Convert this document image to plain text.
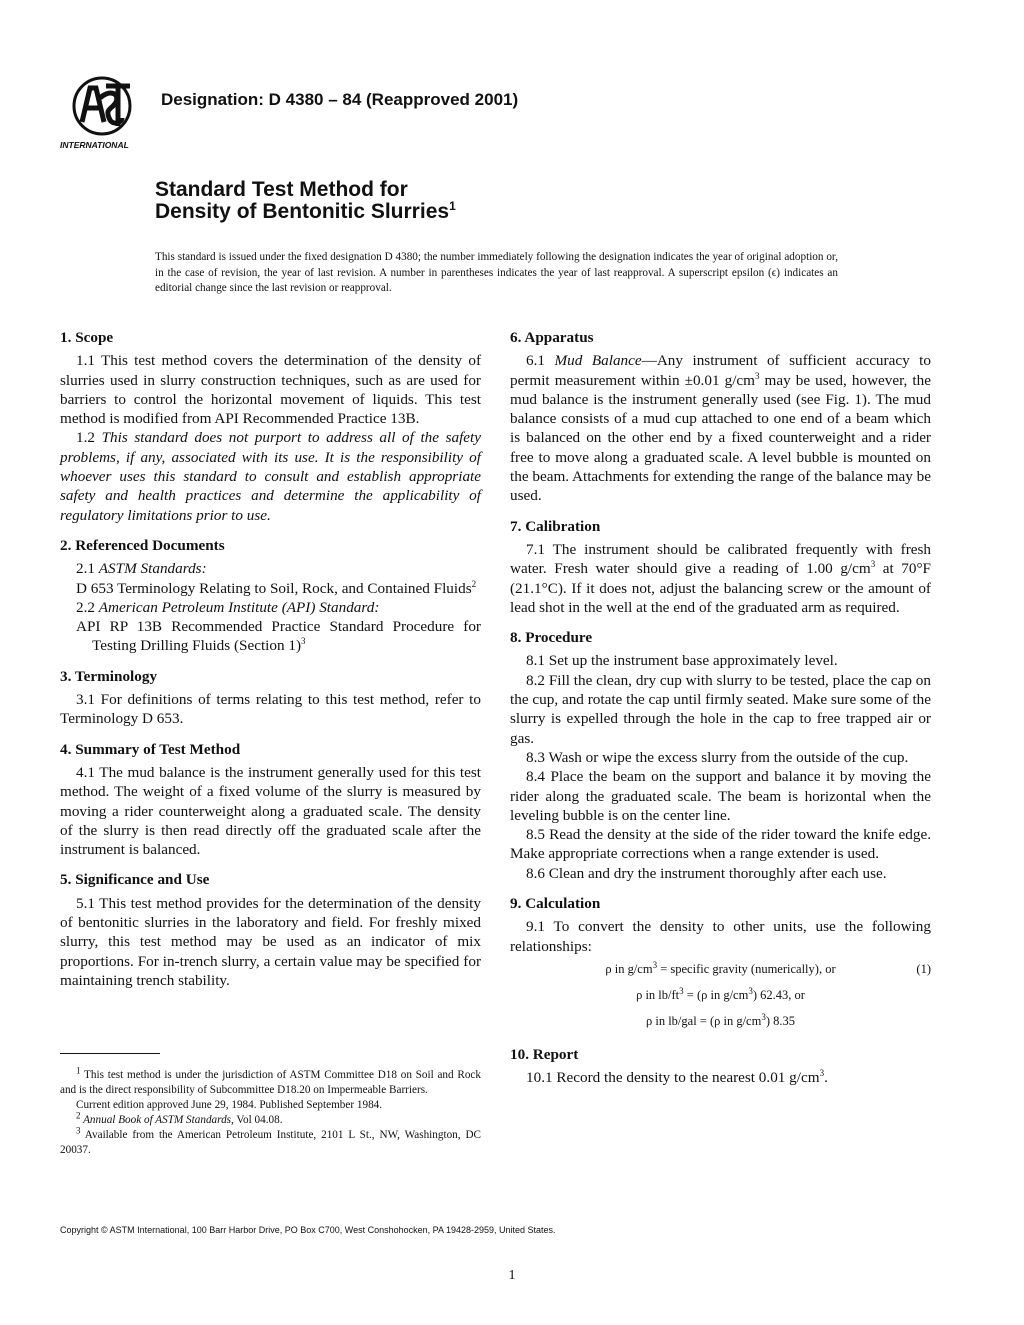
INTERNATIONAL
Designation: D 4380 – 84 (Reapproved 2001)
Standard Test Method for
Density of Bentonitic Slurries$^1$
This standard is issued under the fixed designation D 4380; the number immediately following the designation indicates the year of original adoption or, in the case of revision, the year of last revision. A number in parentheses indicates the year of last reapproval. A superscript epsilon (ϵ) indicates an editorial change since the last revision or reapproval.
1. Scope

1.1 This test method covers the determination of the density of slurries used in slurry construction techniques, such as are used for barriers to control the horizontal movement of liquids. This test method is modified from API Recommended Practice 13B.

1.2 This standard does not purport to address all of the safety problems, if any, associated with its use. It is the responsibility of whoever uses this standard to consult and establish appropriate safety and health practices and determine the applicability of regulatory limitations prior to use.

2. Referenced Documents

2.1 ASTM Standards:

D 653 Terminology Relating to Soil, Rock, and Contained Fluids$^2$

2.2 American Petroleum Institute (API) Standard:

API RP 13B Recommended Practice Standard Procedure for Testing Drilling Fluids (Section 1)$^3$

3. Terminology

3.1 For definitions of terms relating to this test method, refer to Terminology D 653.

4. Summary of Test Method

4.1 The mud balance is the instrument generally used for this test method. The weight of a fixed volume of the slurry is measured by moving a rider counterweight along a graduated scale. The density of the slurry is then read directly off the graduated scale after the instrument is balanced.

5. Significance and Use

5.1 This test method provides for the determination of the density of bentonitic slurries in the laboratory and field. For freshly mixed slurry, this test method may be used as an indicator of mix proportions. For in-trench slurry, a certain value may be specified for maintaining trench stability.

$^1$ This test method is under the jurisdiction of ASTM Committee D18 on Soil and Rock and is the direct responsibility of Subcommittee D18.20 on Impermeable Barriers.

Current edition approved June 29, 1984. Published September 1984.

$^2$ Annual Book of ASTM Standards, Vol 04.08.

$^3$ Available from the American Petroleum Institute, 2101 L St., NW, Washington, DC 20037.

6. Apparatus

6.1 Mud Balance—Any instrument of sufficient accuracy to permit measurement within ±0.01 $g/cm^3$ may be used, however, the mud balance is the instrument generally used (see Fig. 1). The mud balance consists of a mud cup attached to one end of a beam which is balanced on the other end by a fixed counterweight and a rider free to move along a graduated scale. A level bubble is mounted on the beam. Attachments for extending the range of the balance may be used.

7. Calibration

7.1 The instrument should be calibrated frequently with fresh water. Fresh water should give a reading of 1.00 $g/cm^3$ at 70°F (21.1°C). If it does not, adjust the balancing screw or the amount of lead shot in the well at the end of the graduated arm as required.

8. Procedure

8.1 Set up the instrument base approximately level.

8.2 Fill the clean, dry cup with slurry to be tested, place the cap on the cup, and rotate the cap until firmly seated. Make sure some of the slurry is expelled through the hole in the cap to free trapped air or gas.

8.3 Wash or wipe the excess slurry from the outside of the cup.

8.4 Place the beam on the support and balance it by moving the rider along the graduated scale. The beam is horizontal when the leveling bubble is on the center line.

8.5 Read the density at the side of the rider toward the knife edge. Make appropriate corrections when a range extender is used.

8.6 Clean and dry the instrument thoroughly after each use.

9. Calculation

9.1 To convert the density to other units, use the following relationships:

ρ in $g/cm^3$ = specific gravity (numerically), or	(1)
ρ in $lb/ft^3 = (\rho$ in $g/cm^3$) 62.43, or
ρ in lb/gal = (ρ in $g/cm^3$) 8.35
10. Report

10.1 Record the density to the nearest 0.01 $g/cm^3$.

Copyright © ASTM International, 100 Barr Harbor Drive, PO Box C700, West Conshohocken, PA 19428-2959, United States.
1
